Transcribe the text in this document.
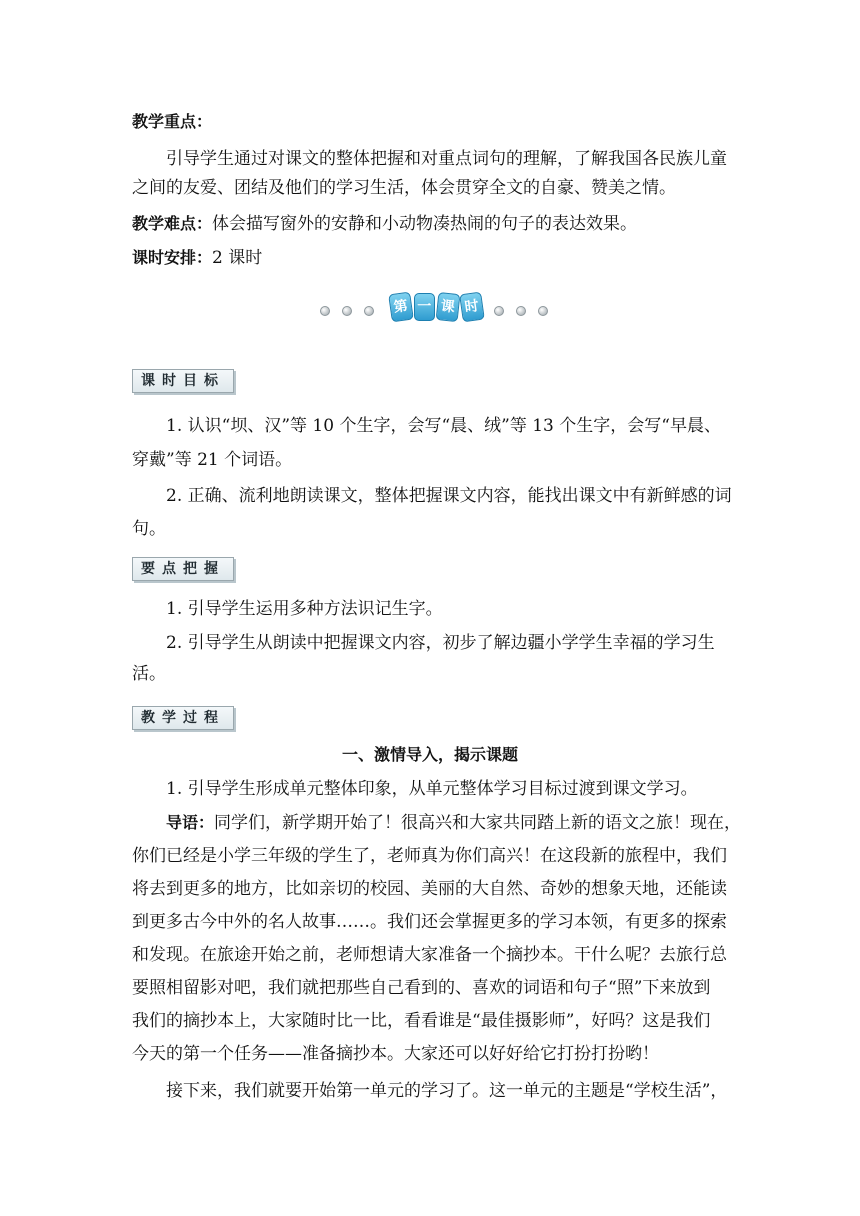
教学重点：
引导学生通过对课文的整体把握和对重点词句的理解，了解我国各民族儿童
之间的友爱、团结及他们的学习生活，体会贯穿全文的自豪、赞美之情。
教学难点：体会描写窗外的安静和小动物凑热闹的句子的表达效果。
课时安排：2 课时
第 一 课 时
课时目标
1. 认识“坝、汉”等 10 个生字，会写“晨、绒”等 13 个生字，会写“早晨、
穿戴”等 21 个词语。
2. 正确、流利地朗读课文，整体把握课文内容，能找出课文中有新鲜感的词
句。
要点把握
1. 引导学生运用多种方法识记生字。
2. 引导学生从朗读中把握课文内容，初步了解边疆小学学生幸福的学习生
活。
教学过程
一、激情导入，揭示课题
1. 引导学生形成单元整体印象，从单元整体学习目标过渡到课文学习。
导语：同学们，新学期开始了！很高兴和大家共同踏上新的语文之旅！现在，
你们已经是小学三年级的学生了，老师真为你们高兴！在这段新的旅程中，我们
将去到更多的地方，比如亲切的校园、美丽的大自然、奇妙的想象天地，还能读
到更多古今中外的名人故事……。我们还会掌握更多的学习本领，有更多的探索
和发现。在旅途开始之前，老师想请大家准备一个摘抄本。干什么呢？去旅行总
要照相留影对吧，我们就把那些自己看到的、喜欢的词语和句子“照”下来放到
我们的摘抄本上，大家随时比一比，看看谁是“最佳摄影师”，好吗？这是我们
今天的第一个任务——准备摘抄本。大家还可以好好给它打扮打扮哟！
接下来，我们就要开始第一单元的学习了。这一单元的主题是“学校生活”，
